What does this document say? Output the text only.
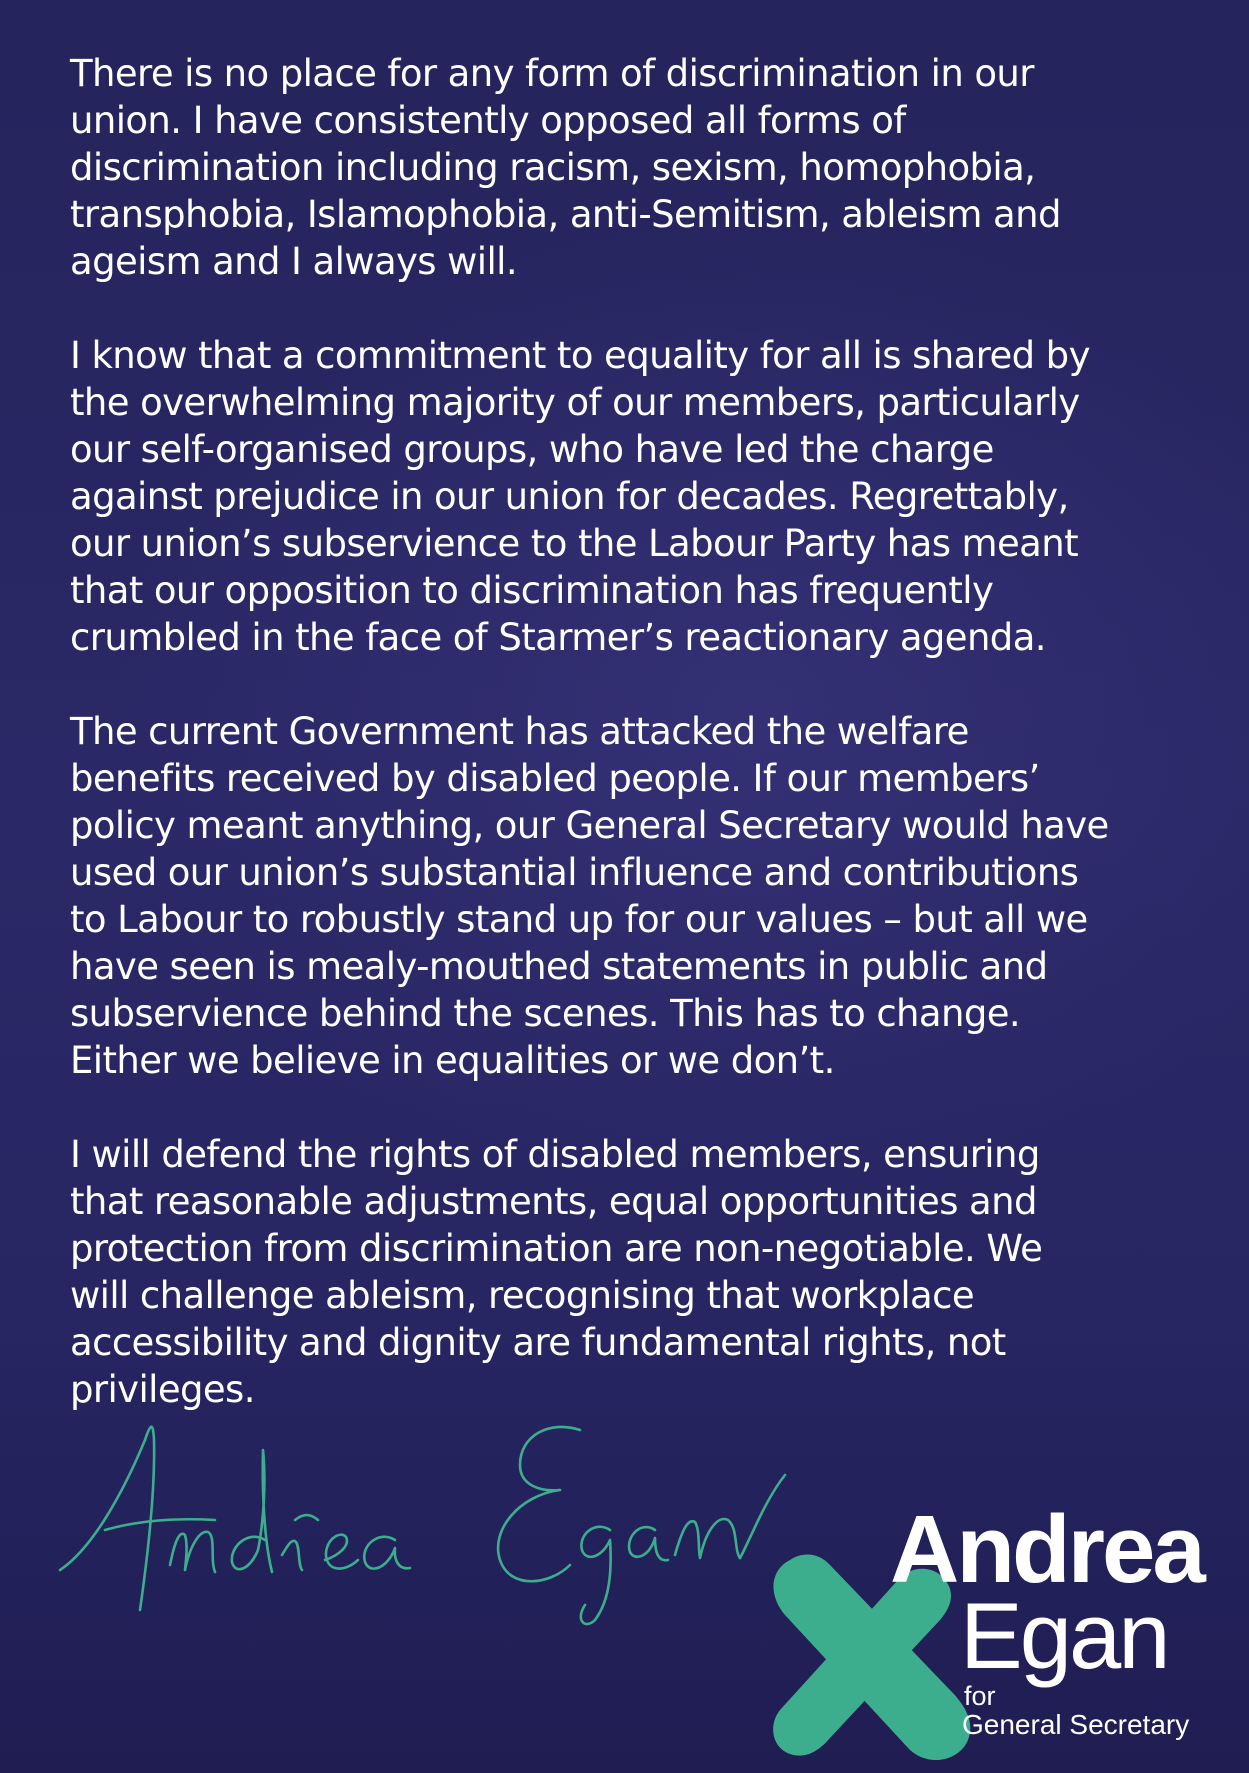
There is no place for any form of discrimination in our
union. I have consistently opposed all forms of
discrimination including racism, sexism, homophobia,
transphobia, Islamophobia, anti-Semitism, ableism and
ageism and I always will.

I know that a commitment to equality for all is shared by
the overwhelming majority of our members, particularly
our self-organised groups, who have led the charge
against prejudice in our union for decades. Regrettably,
our union’s subservience to the Labour Party has meant
that our opposition to discrimination has frequently
crumbled in the face of Starmer’s reactionary agenda.

The current Government has attacked the welfare
benefits received by disabled people. If our members’
policy meant anything, our General Secretary would have
used our union’s substantial influence and contributions
to Labour to robustly stand up for our values – but all we
have seen is mealy-mouthed statements in public and
subservience behind the scenes. This has to change.
Either we believe in equalities or we don’t.

I will defend the rights of disabled members, ensuring
that reasonable adjustments, equal opportunities and
protection from discrimination are non-negotiable. We
will challenge ableism, recognising that workplace
accessibility and dignity are fundamental rights, not
privileges.

Andrea
Egan
for
General Secretary
